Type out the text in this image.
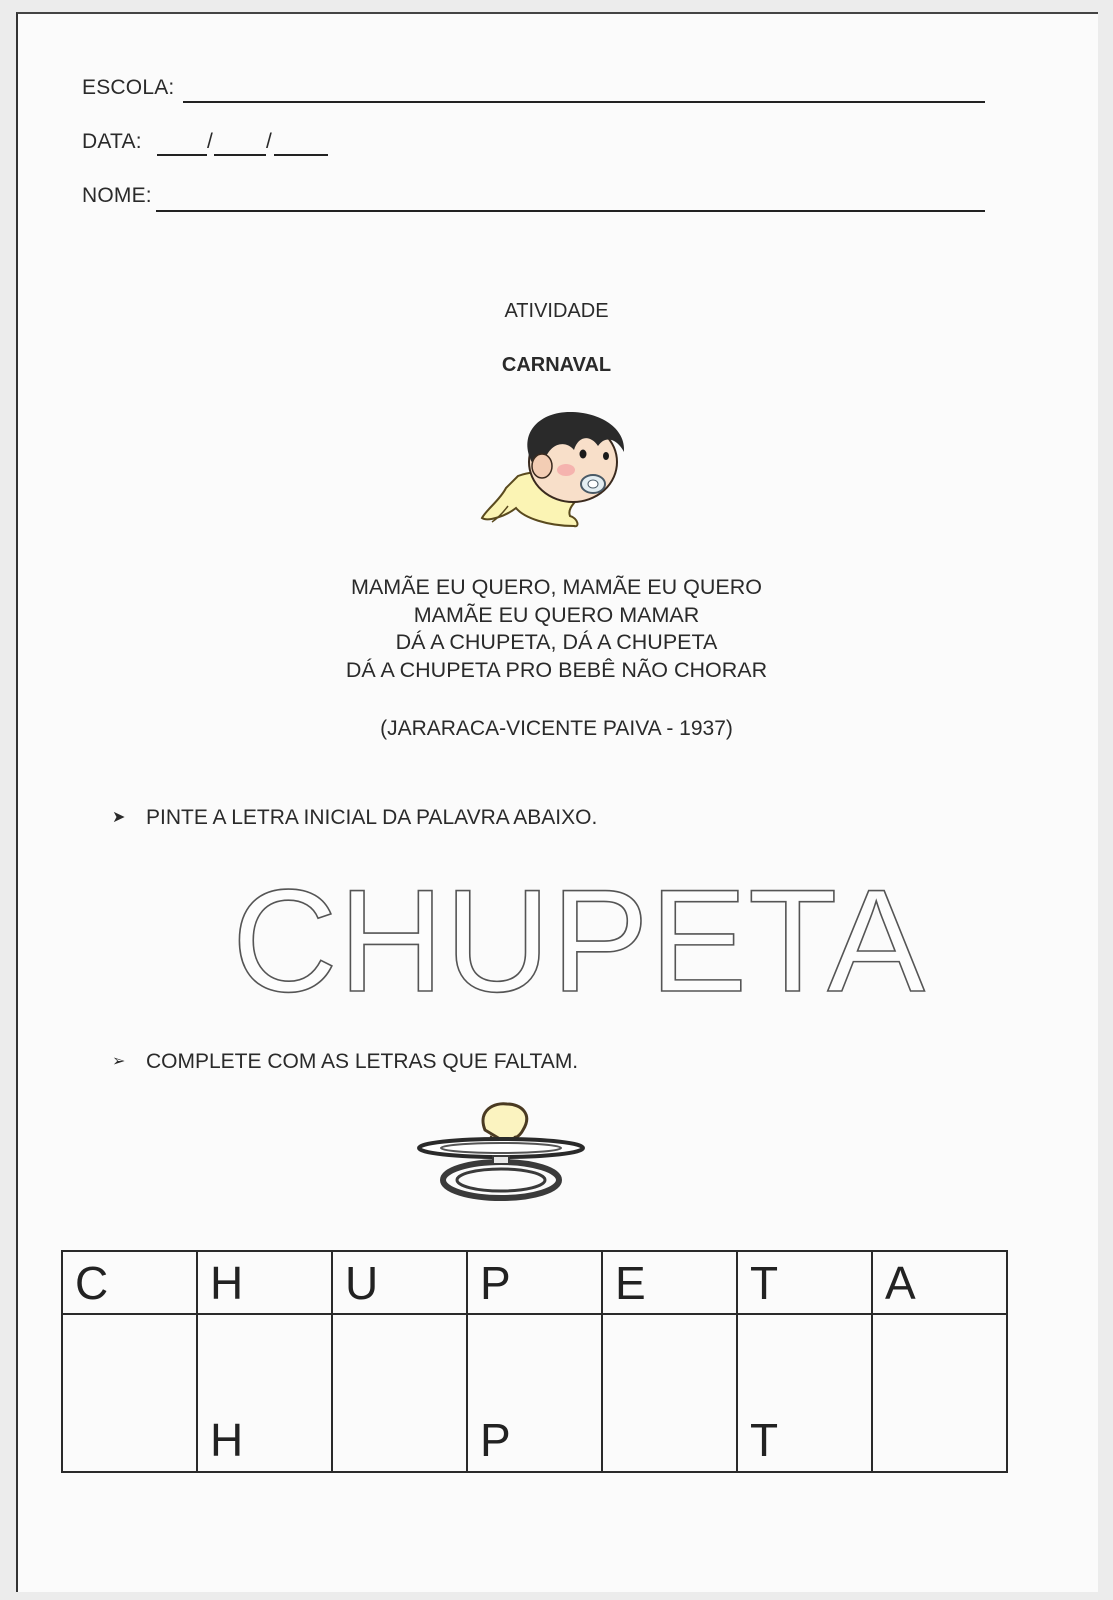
ESCOLA:
DATA:	/	/
NOME:
ATIVIDADE
CARNAVAL
MAMÃE EU QUERO, MAMÃE EU QUERO
MAMÃE EU QUERO MAMAR
DÁ A CHUPETA, DÁ A CHUPETA
DÁ A CHUPETA PRO BEBÊ NÃO CHORAR
(JARARACA-VICENTE PAIVA - 1937)
➤ PINTE A LETRA INICIAL DA PALAVRA ABAIXO.
CHUPETA
➢ COMPLETE COM AS LETRAS QUE FALTAM.
C	H	U	P	E	T	A
	H		P		T	
